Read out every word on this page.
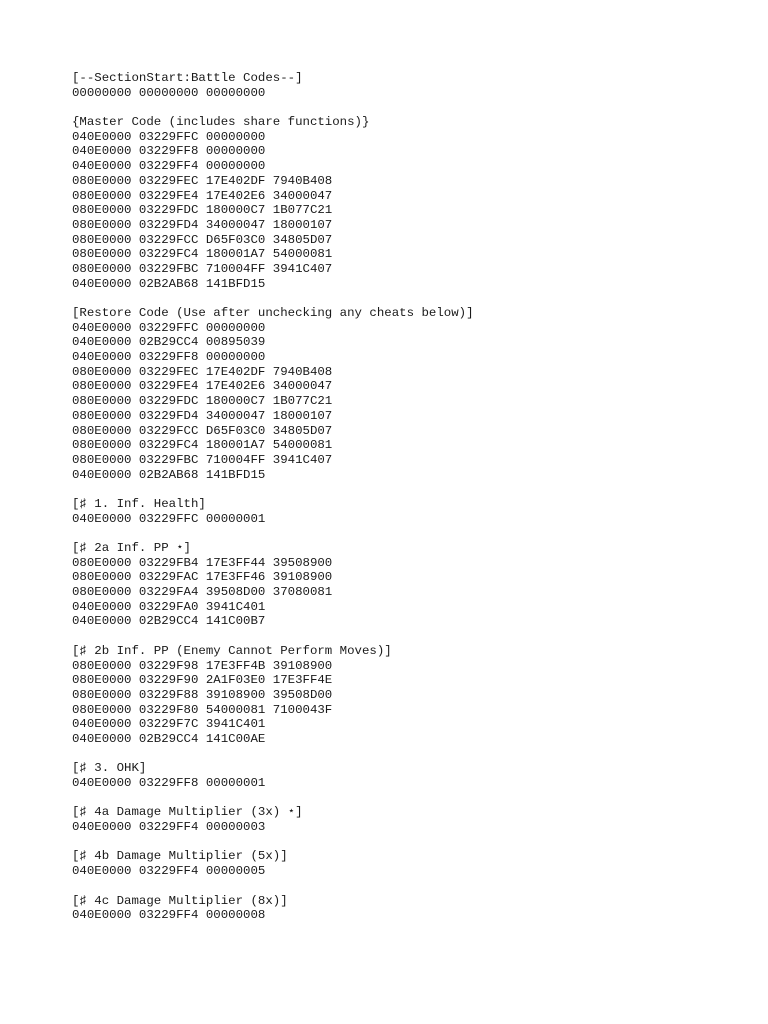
[--SectionStart:Battle Codes--]
00000000 00000000 00000000
{Master Code (includes share functions)}
040E0000 03229FFC 00000000
040E0000 03229FF8 00000000
040E0000 03229FF4 00000000
080E0000 03229FEC 17E402DF 7940B408
080E0000 03229FE4 17E402E6 34000047
080E0000 03229FDC 180000C7 1B077C21
080E0000 03229FD4 34000047 18000107
080E0000 03229FCC D65F03C0 34805D07
080E0000 03229FC4 180001A7 54000081
080E0000 03229FBC 710004FF 3941C407
040E0000 02B2AB68 141BFD15
[Restore Code (Use after unchecking any cheats below)]
040E0000 03229FFC 00000000
040E0000 02B29CC4 00895039
040E0000 03229FF8 00000000
080E0000 03229FEC 17E402DF 7940B408
080E0000 03229FE4 17E402E6 34000047
080E0000 03229FDC 180000C7 1B077C21
080E0000 03229FD4 34000047 18000107
080E0000 03229FCC D65F03C0 34805D07
080E0000 03229FC4 180001A7 54000081
080E0000 03229FBC 710004FF 3941C407
040E0000 02B2AB68 141BFD15
[♯ 1. Inf. Health]
040E0000 03229FFC 00000001
[♯ 2a Inf. PP ⋆]
080E0000 03229FB4 17E3FF44 39508900
080E0000 03229FAC 17E3FF46 39108900
080E0000 03229FA4 39508D00 37080081
040E0000 03229FA0 3941C401
040E0000 02B29CC4 141C00B7
[♯ 2b Inf. PP (Enemy Cannot Perform Moves)]
080E0000 03229F98 17E3FF4B 39108900
080E0000 03229F90 2A1F03E0 17E3FF4E
080E0000 03229F88 39108900 39508D00
080E0000 03229F80 54000081 7100043F
040E0000 03229F7C 3941C401
040E0000 02B29CC4 141C00AE
[♯ 3. OHK]
040E0000 03229FF8 00000001
[♯ 4a Damage Multiplier (3x) ⋆]
040E0000 03229FF4 00000003
[♯ 4b Damage Multiplier (5x)]
040E0000 03229FF4 00000005
[♯ 4c Damage Multiplier (8x)]
040E0000 03229FF4 00000008
